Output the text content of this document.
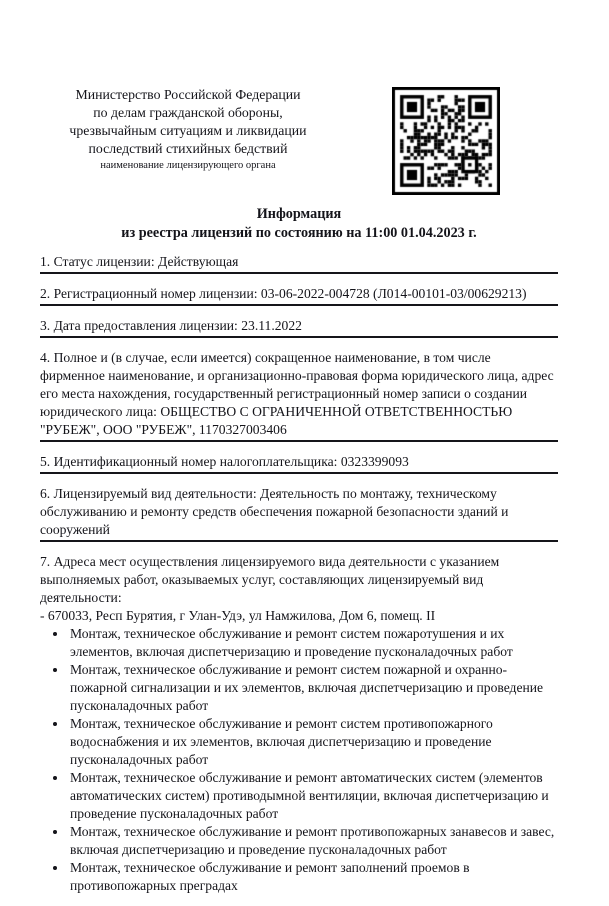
Министерство Российской Федерации
по делам гражданской обороны,
чрезвычайным ситуациям и ликвидации
последствий стихийных бедствий
наименование лицензирующего органа
Информация
из реестра лицензий по состоянию на 11:00 01.04.2023 г.

1. Статус лицензии: Действующая

2. Регистрационный номер лицензии: 03-06-2022-004728 (Л014-00101-03/00629213)

3. Дата предоставления лицензии: 23.11.2022

4. Полное и (в случае, если имеется) сокращенное наименование, в том числе фирменное наименование, и организационно-правовая форма юридического лица, адрес его места нахождения, государственный регистрационный номер записи о создании юридического лица: ОБЩЕСТВО С ОГРАНИЧЕННОЙ ОТВЕТСТВЕННОСТЬЮ "РУБЕЖ", ООО "РУБЕЖ", 1170327003406

5. Идентификационный номер налогоплательщика: 0323399093

6. Лицензируемый вид деятельности: Деятельность по монтажу, техническому обслуживанию и ремонту средств обеспечения пожарной безопасности зданий и сооружений

7. Адреса мест осуществления лицензируемого вида деятельности с указанием выполняемых работ, оказываемых услуг, составляющих лицензируемый вид деятельности:

- 670033, Респ Бурятия, г Улан-Удэ, ул Намжилова, Дом 6, помещ. II

• Монтаж, техническое обслуживание и ремонт систем пожаротушения и их элементов, включая диспетчеризацию и проведение пусконаладочных работ
• Монтаж, техническое обслуживание и ремонт систем пожарной и охранно-пожарной сигнализации и их элементов, включая диспетчеризацию и проведение пусконаладочных работ
• Монтаж, техническое обслуживание и ремонт систем противопожарного водоснабжения и их элементов, включая диспетчеризацию и проведение пусконаладочных работ
• Монтаж, техническое обслуживание и ремонт автоматических систем (элементов автоматических систем) противодымной вентиляции, включая диспетчеризацию и проведение пусконаладочных работ
• Монтаж, техническое обслуживание и ремонт противопожарных занавесов и завес, включая диспетчеризацию и проведение пусконаладочных работ
• Монтаж, техническое обслуживание и ремонт заполнений проемов в противопожарных преградах
